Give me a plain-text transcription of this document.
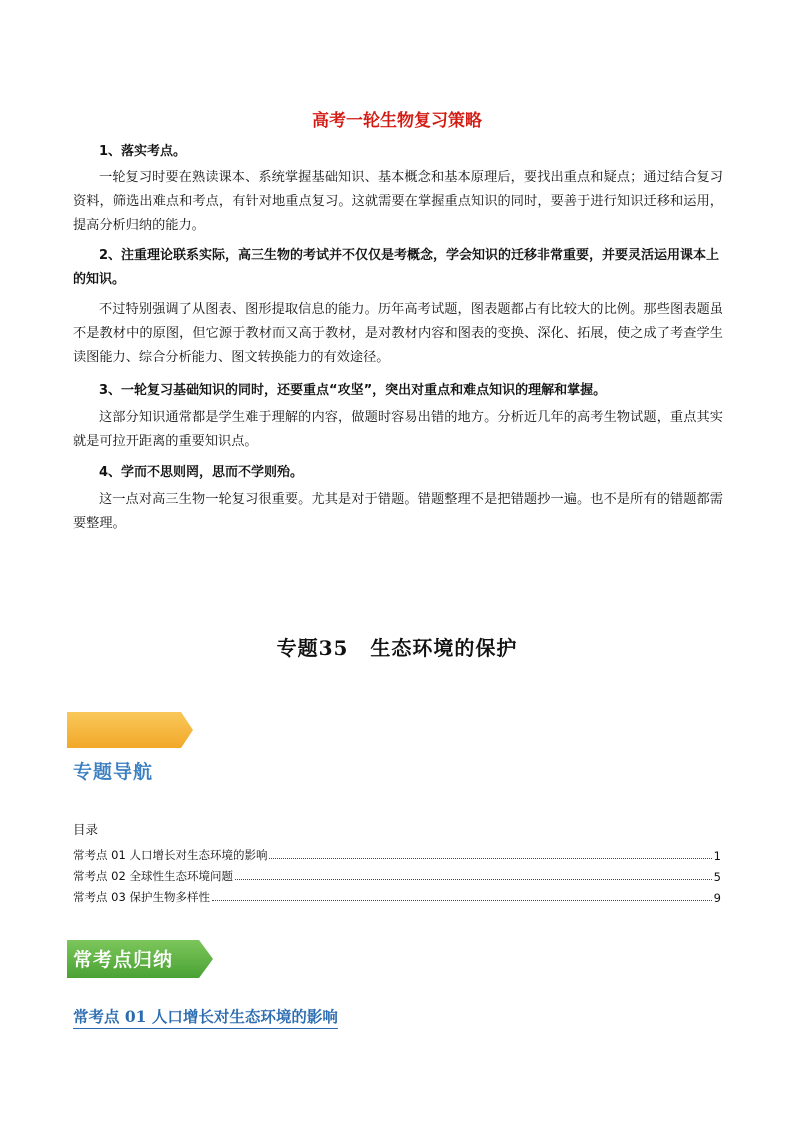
高考一轮生物复习策略

1、落实考点。

一轮复习时要在熟读课本、系统掌握基础知识、基本概念和基本原理后，要找出重点和疑点；通过结合复习资料，筛选出难点和考点，有针对地重点复习。这就需要在掌握重点知识的同时，要善于进行知识迁移和运用，提高分析归纳的能力。

2、注重理论联系实际，高三生物的考试并不仅仅是考概念，学会知识的迁移非常重要，并要灵活运用课本上的知识。

不过特别强调了从图表、图形提取信息的能力。历年高考试题，图表题都占有比较大的比例。那些图表题虽不是教材中的原图，但它源于教材而又高于教材，是对教材内容和图表的变换、深化、拓展，使之成了考查学生读图能力、综合分析能力、图文转换能力的有效途径。

3、一轮复习基础知识的同时，还要重点“攻坚”，突出对重点和难点知识的理解和掌握。

这部分知识通常都是学生难于理解的内容，做题时容易出错的地方。分析近几年的高考生物试题，重点其实就是可拉开距离的重要知识点。

4、学而不思则罔，思而不学则殆。

这一点对高三生物一轮复习很重要。尤其是对于错题。错题整理不是把错题抄一遍。也不是所有的错题都需要整理。

专题35 生态环境的保护
专题导航
目录
常考点 01 人口增长对生态环境的影响	1
常考点 02 全球性生态环境问题	5
常考点 03 保护生物多样性	9
常考点归纳
常考点 01 人口增长对生态环境的影响
